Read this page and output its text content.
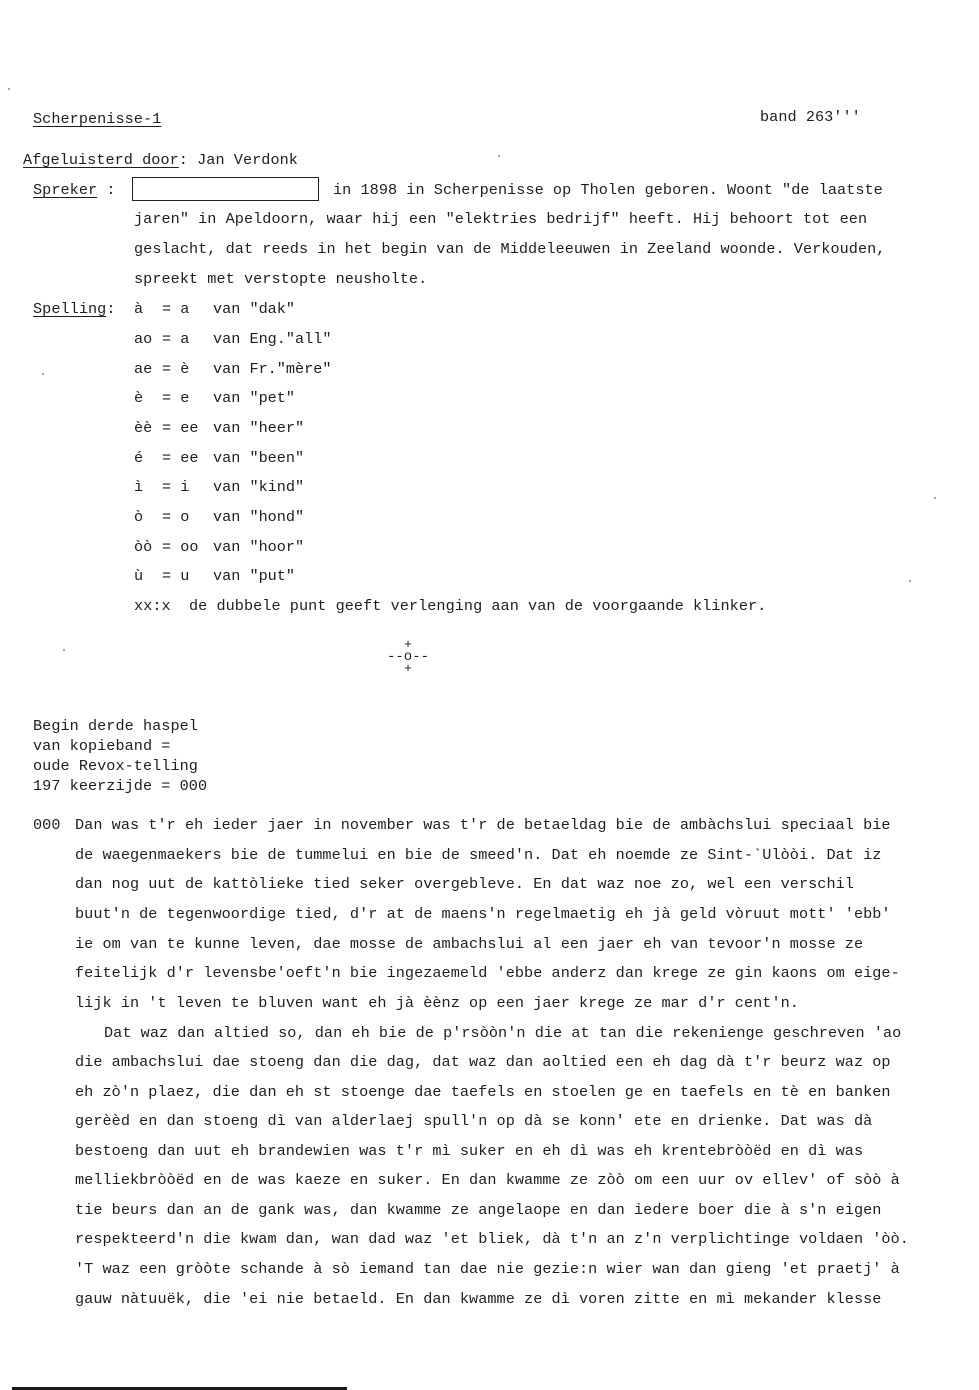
Scherpenisse-1	band 263'''
Afgeluisterd door: Jan Verdonk
Spreker :	in 1898 in Scherpenisse op Tholen geboren. Woont "de laatste
jaren" in Apeldoorn, waar hij een "elektries bedrijf" heeft. Hij behoort tot een
geslacht, dat reeds in het begin van de Middeleeuwen in Zeeland woonde. Verkouden,
spreekt met verstopte neusholte.
Spelling: à = a van "dak"
ao = a van Eng."all"
ae = è van Fr."mère"
è = e van "pet"
èè = ee van "heer"
é = ee van "been"
ì = i van "kind"
ò = o van "hond"
òò = oo van "hoor"
ù = u van "put"
xx:x de dubbele punt geeft verlenging aan van de voorgaande klinker.
+
--o--
+
Begin derde haspel
van kopieband =
oude Revox-telling
197 keerzijde = 000
000 Dan was t'r eh ieder jaer in november was t'r de betaeldag bie de ambàchslui speciaal bie
de waegenmaekers bie de tummelui en bie de smeed'n. Dat eh noemde ze Sint-`Ulòòi. Dat iz
dan nog uut de kattòlieke tied seker overgebleve. En dat waz noe zo, wel een verschil
buut'n de tegenwoordige tied, d'r at de maens'n regelmaetig eh jà geld vòruut mott' 'ebb'
ie om van te kunne leven, dae mosse de ambachslui al een jaer eh van tevoor'n mosse ze
feitelijk d'r levensbe'oeft'n bie ingezaemeld 'ebbe anderz dan krege ze gin kaons om eige-
lijk in 't leven te bluven want eh jà èènz op een jaer krege ze mar d'r cent'n.
Dat waz dan altied so, dan eh bie de p'rsòòn'n die at tan die rekenienge geschreven 'ao
die ambachslui dae stoeng dan die dag, dat waz dan aoltied een eh dag dà t'r beurz waz op
eh zò'n plaez, die dan eh st stoenge dae taefels en stoelen ge en taefels en tè en banken
gerèèd en dan stoeng dì van alderlaej spull'n op dà se konn' ete en drienke. Dat was dà
bestoeng dan uut eh brandewien was t'r mì suker en eh dì was eh krentebròòëd en dì was
melliekbròòëd en de was kaeze en suker. En dan kwamme ze zòò om een uur ov ellev' of sòò à
tie beurs dan an de gank was, dan kwamme ze angelaope en dan iedere boer die à s'n eigen
respekteerd'n die kwam dan, wan dad waz 'et bliek, dà t'n an z'n verplichtinge voldaen 'òò.
'T waz een gròòte schande à sò iemand tan dae nie gezie:n wier wan dan gieng 'et praetj' à
gauw nàtuuëk, die 'ei nie betaeld. En dan kwamme ze dì voren zitte en mì mekander klesse
